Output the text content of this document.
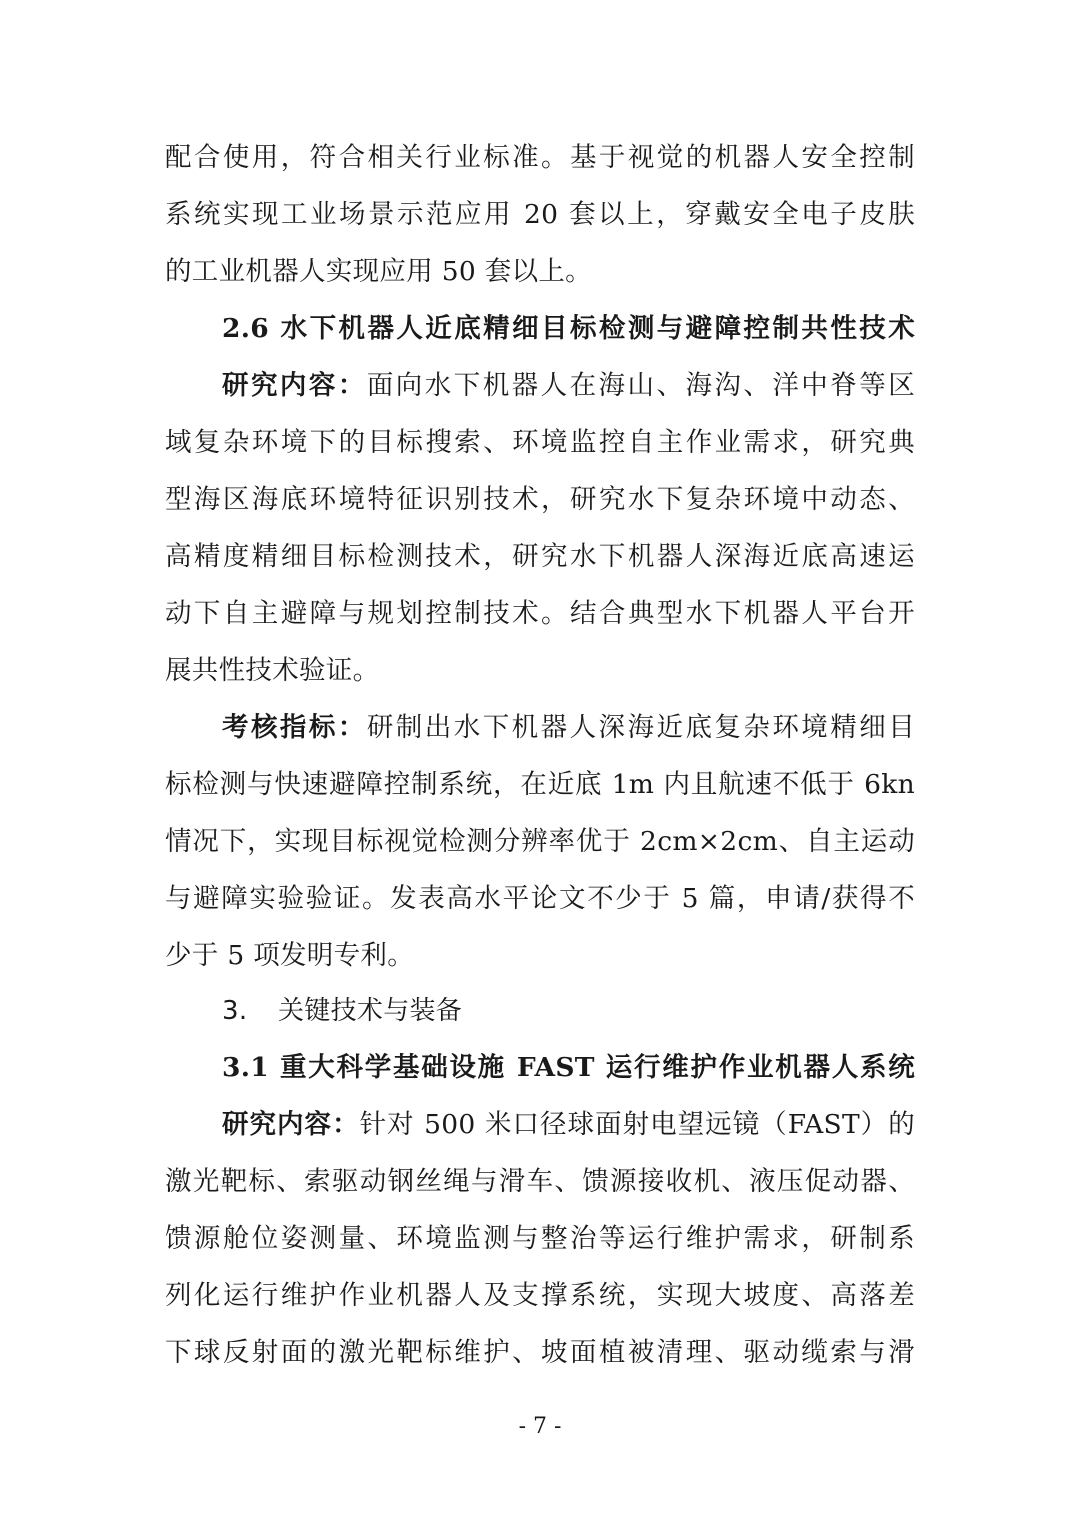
配合使用，符合相关行业标准。基于视觉的机器人安全控制
系统实现工业场景示范应用 20 套以上，穿戴安全电子皮肤
的工业机器人实现应用 50 套以上。
2.6 水下机器人近底精细目标检测与避障控制共性技术
研究内容：面向水下机器人在海山、海沟、洋中脊等区
域复杂环境下的目标搜索、环境监控自主作业需求，研究典
型海区海底环境特征识别技术，研究水下复杂环境中动态、
高精度精细目标检测技术，研究水下机器人深海近底高速运
动下自主避障与规划控制技术。结合典型水下机器人平台开
展共性技术验证。
考核指标：研制出水下机器人深海近底复杂环境精细目
标检测与快速避障控制系统，在近底 1m 内且航速不低于 6kn
情况下，实现目标视觉检测分辨率优于 2cm×2cm、自主运动
与避障实验验证。发表高水平论文不少于 5 篇，申请/获得不
少于 5 项发明专利。
3. 关键技术与装备
3.1 重大科学基础设施 FAST 运行维护作业机器人系统
研究内容：针对 500 米口径球面射电望远镜（FAST）的
激光靶标、索驱动钢丝绳与滑车、馈源接收机、液压促动器、
馈源舱位姿测量、环境监测与整治等运行维护需求，研制系
列化运行维护作业机器人及支撑系统，实现大坡度、高落差
下球反射面的激光靶标维护、坡面植被清理、驱动缆索与滑
- 7 -
